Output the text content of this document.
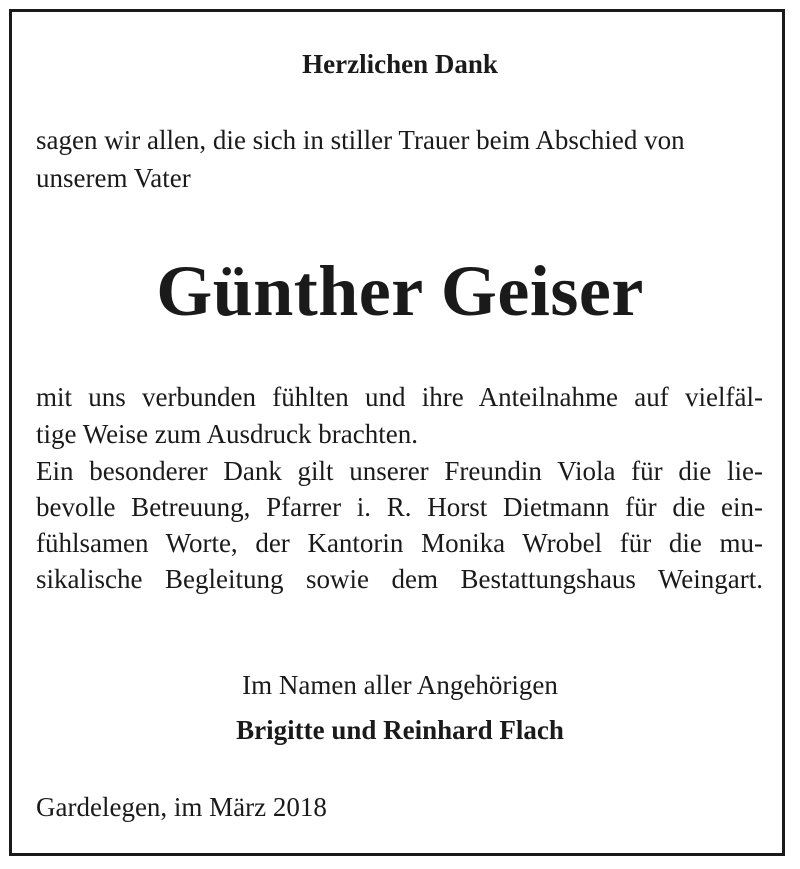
Herzlichen Dank
sagen wir allen, die sich in stiller Trauer beim Abschied von
unserem Vater
Günther Geiser
mit uns verbunden fühlten und ihre Anteilnahme auf vielfäl-
tige Weise zum Ausdruck brachten.
Ein besonderer Dank gilt unserer Freundin Viola für die lie-
bevolle Betreuung, Pfarrer i. R. Horst Dietmann für die ein-
fühlsamen Worte, der Kantorin Monika Wrobel für die mu-
sikalische Begleitung sowie dem Bestattungshaus Weingart.
Im Namen aller Angehörigen
Brigitte und Reinhard Flach
Gardelegen, im März 2018
